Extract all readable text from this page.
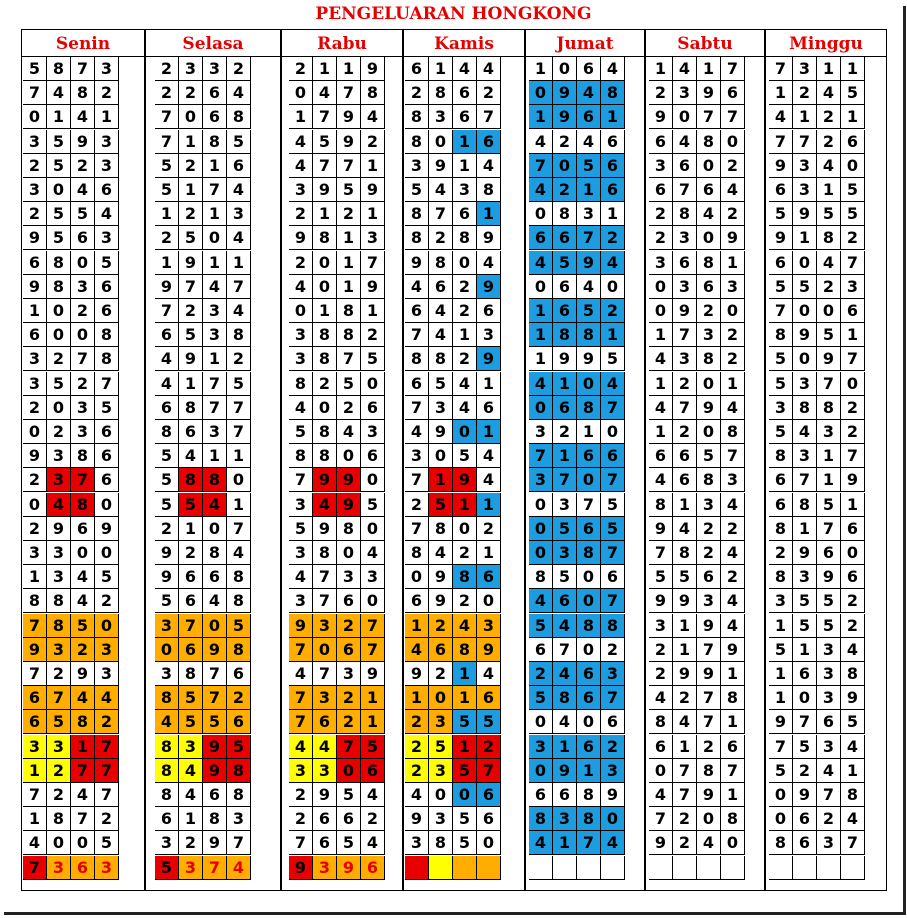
PENGELUARAN HONGKONG
Senin
5 8 7 3
7 4 8 2
0 1 4 1
3 5 9 3
2 5 2 3
3 0 4 6
2 5 5 4
9 5 6 3
6 8 0 5
9 8 3 6
1 0 2 6
6 0 0 8
3 2 7 8
3 5 2 7
2 0 3 5
0 2 3 6
9 3 8 6
2 3 7 6
0 4 8 0
2 9 6 9
3 3 0 0
1 3 4 5
8 8 4 2
7 8 5 0
9 3 2 3
7 2 9 3
6 7 4 4
6 5 8 2
3 3 1 7
1 2 7 7
7 2 4 7
1 8 7 2
4 0 0 5
7 3 6 3
Selasa
2 3 3 2
2 2 6 4
7 0 6 8
7 1 8 5
5 2 1 6
5 1 7 4
1 2 1 3
2 5 0 4
1 9 1 1
9 7 4 7
7 2 3 4
6 5 3 8
4 9 1 2
4 1 7 5
6 8 7 7
8 6 3 7
5 4 1 1
5 8 8 0
5 5 4 1
2 1 0 7
9 2 8 4
9 6 6 8
5 6 4 8
3 7 0 5
0 6 9 8
3 8 7 6
8 5 7 2
4 5 5 6
8 3 9 5
8 4 9 8
8 4 6 8
6 1 8 3
3 2 9 7
5 3 7 4
Rabu
2 1 1 9
0 4 7 8
1 7 9 4
4 5 9 2
4 7 7 1
3 9 5 9
2 1 2 1
9 8 1 3
2 0 1 7
4 0 1 9
0 1 8 1
3 8 8 2
3 8 7 5
8 2 5 0
4 0 2 6
5 8 4 3
8 8 0 6
7 9 9 0
3 4 9 5
5 9 8 0
3 8 0 4
4 7 3 3
3 7 6 0
9 3 2 7
7 0 6 7
4 7 3 9
7 3 2 1
7 6 2 1
4 4 7 5
3 3 0 6
2 9 5 4
2 6 6 2
7 6 5 4
9 3 9 6
Kamis
6 1 4 4
2 8 6 2
8 3 6 7
8 0 1 6
3 9 1 4
5 4 3 8
8 7 6 1
8 2 8 9
9 8 0 4
4 6 2 9
6 4 2 6
7 4 1 3
8 8 2 9
6 5 4 1
7 3 4 6
4 9 0 1
3 0 5 4
7 1 9 4
2 5 1 1
7 8 0 2
8 4 2 1
0 9 8 6
6 9 2 0
1 2 4 3
4 6 8 9
9 2 1 4
1 0 1 6
2 3 5 5
2 5 1 2
2 3 5 7
4 0 0 6
9 3 5 6
3 8 5 0
Jumat
1 0 6 4
0 9 4 8
1 9 6 1
4 2 4 6
7 0 5 6
4 2 1 6
0 8 3 1
6 6 7 2
4 5 9 4
0 6 4 0
1 6 5 2
1 8 8 1
1 9 9 5
4 1 0 4
0 6 8 7
3 2 1 0
7 1 6 6
3 7 0 7
0 3 7 5
0 5 6 5
0 3 8 7
8 5 0 6
4 6 0 7
5 4 8 8
6 7 0 2
2 4 6 3
5 8 6 7
0 4 0 6
3 1 6 2
0 9 1 3
6 6 8 9
8 3 8 0
4 1 7 4
Sabtu
1 4 1 7
2 3 9 6
9 0 7 7
6 4 8 0
3 6 0 2
6 7 6 4
2 8 4 2
2 3 0 9
3 6 8 1
0 3 6 3
0 9 2 0
1 7 3 2
4 3 8 2
1 2 0 1
4 7 9 4
1 2 0 8
6 6 5 7
4 6 8 3
8 1 3 4
9 4 2 2
7 8 2 4
5 5 6 2
9 9 3 4
3 1 9 4
2 1 7 9
2 9 9 1
4 2 7 8
8 4 7 1
6 1 2 6
0 7 8 7
4 7 9 1
7 2 0 8
9 2 4 0
Minggu
7 3 1 1
1 2 4 5
4 1 2 1
7 7 2 6
9 3 4 0
6 3 1 5
5 9 5 5
9 1 8 2
6 0 4 7
5 5 2 3
7 0 0 6
8 9 5 1
5 0 9 7
5 3 7 0
3 8 8 2
5 4 3 2
8 3 1 7
6 7 1 9
6 8 5 1
8 1 7 6
2 9 6 0
8 3 9 6
3 5 5 2
1 5 5 2
5 1 3 4
1 6 3 8
1 0 3 9
9 7 6 5
7 5 3 4
5 2 4 1
0 9 7 8
0 6 2 4
8 6 3 7
